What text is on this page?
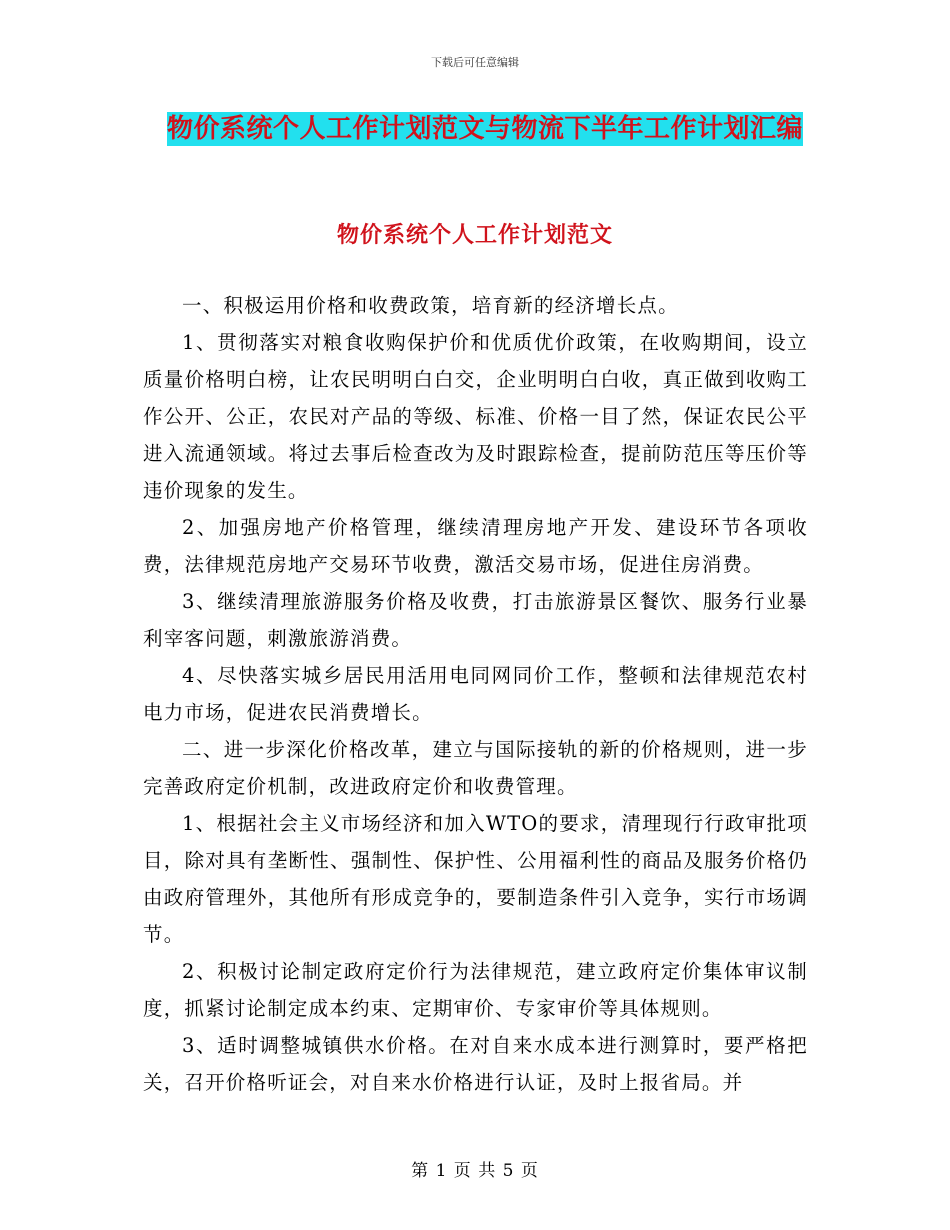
下载后可任意编辑
物价系统个人工作计划范文与物流下半年工作计划汇编
物价系统个人工作计划范文

一、积极运用价格和收费政策，培育新的经济增长点。

1、贯彻落实对粮食收购保护价和优质优价政策，在收购期间，设立质量价格明白榜，让农民明明白白交，企业明明白白收，真正做到收购工作公开、公正，农民对产品的等级、标准、价格一目了然，保证农民公平进入流通领域。将过去事后检查改为及时跟踪检查，提前防范压等压价等违价现象的发生。

2、加强房地产价格管理，继续清理房地产开发、建设环节各项收费，法律规范房地产交易环节收费，激活交易市场，促进住房消费。

3、继续清理旅游服务价格及收费，打击旅游景区餐饮、服务行业暴利宰客问题，刺激旅游消费。

4、尽快落实城乡居民用活用电同网同价工作，整顿和法律规范农村电力市场，促进农民消费增长。

二、进一步深化价格改革，建立与国际接轨的新的价格规则，进一步完善政府定价机制，改进政府定价和收费管理。

1、根据社会主义市场经济和加入WTO的要求，清理现行行政审批项目，除对具有垄断性、强制性、保护性、公用福利性的商品及服务价格仍由政府管理外，其他所有形成竞争的，要制造条件引入竞争，实行市场调节。

2、积极讨论制定政府定价行为法律规范，建立政府定价集体审议制度，抓紧讨论制定成本约束、定期审价、专家审价等具体规则。

3、适时调整城镇供水价格。在对自来水成本进行测算时，要严格把关，召开价格听证会，对自来水价格进行认证，及时上报省局。并

第 1 页 共 5 页
